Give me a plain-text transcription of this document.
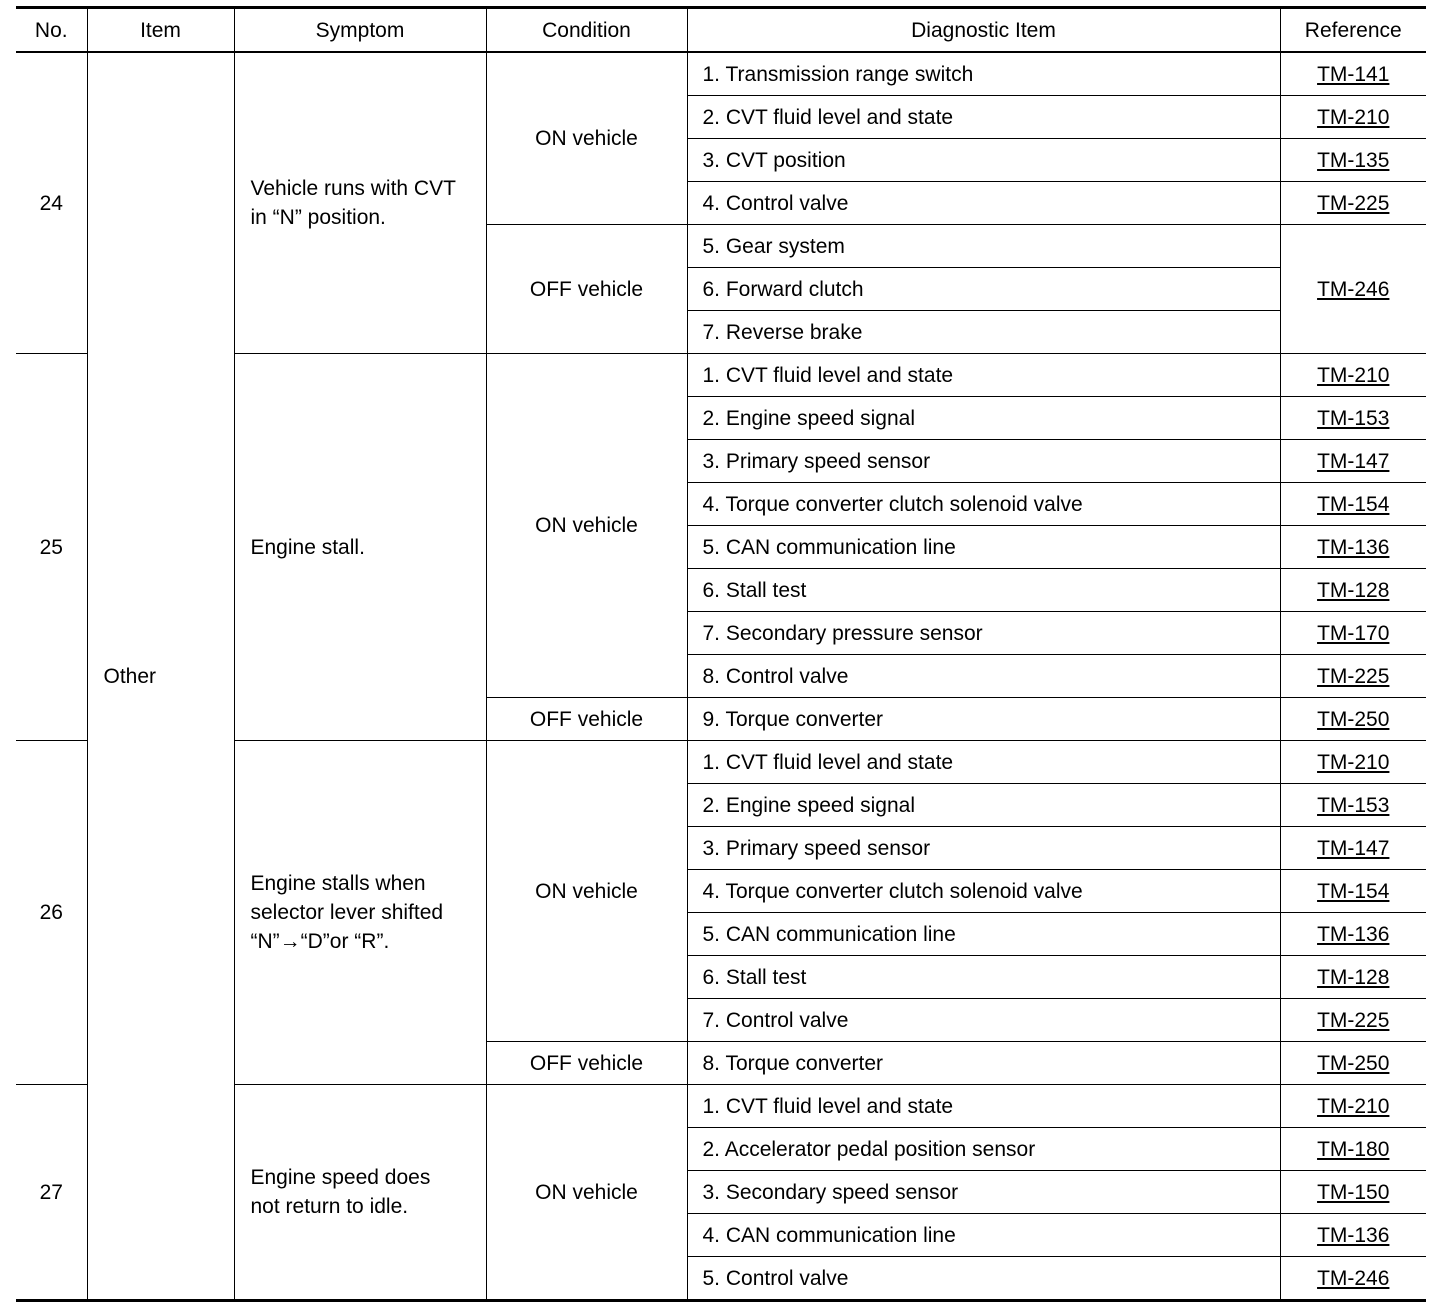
No.	Item	Symptom	Condition	Diagnostic Item	Reference
24	Other	Vehicle runs with CVT
in “N” position.	ON vehicle	1. Transmission range switch	TM-141
				2. CVT fluid level and state	TM-210
				3. CVT position	TM-135
				4. Control valve	TM-225
			OFF vehicle	5. Gear system	TM-246
				6. Forward clutch	
				7. Reverse brake	
25		Engine stall.	ON vehicle	1. CVT fluid level and state	TM-210
				2. Engine speed signal	TM-153
				3. Primary speed sensor	TM-147
				4. Torque converter clutch solenoid valve	TM-154
				5. CAN communication line	TM-136
				6. Stall test	TM-128
				7. Secondary pressure sensor	TM-170
				8. Control valve	TM-225
			OFF vehicle	9. Torque converter	TM-250
26		Engine stalls when
selector lever shifted
“N”→“D”or “R”.	ON vehicle	1. CVT fluid level and state	TM-210
				2. Engine speed signal	TM-153
				3. Primary speed sensor	TM-147
				4. Torque converter clutch solenoid valve	TM-154
				5. CAN communication line	TM-136
				6. Stall test	TM-128
				7. Control valve	TM-225
			OFF vehicle	8. Torque converter	TM-250
27		Engine speed does
not return to idle.	ON vehicle	1. CVT fluid level and state	TM-210
				2. Accelerator pedal position sensor	TM-180
				3. Secondary speed sensor	TM-150
				4. CAN communication line	TM-136
				5. Control valve	TM-246
